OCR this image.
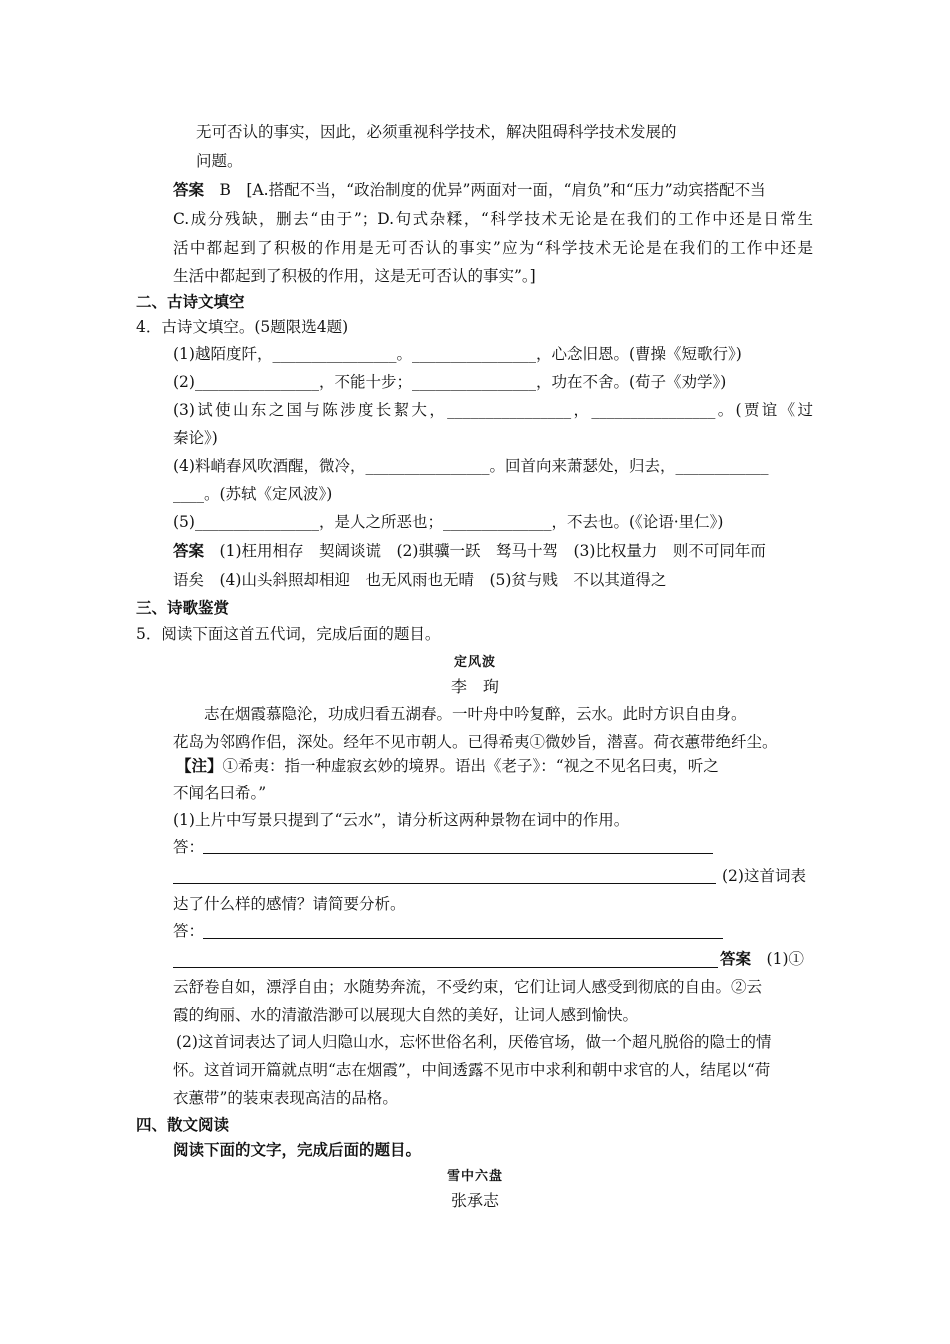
无可否认的事实，因此，必须重视科学技术，解决阻碍科学技术发展的
问题。
答案　 B　[A.搭配不当，“政治制度的优异”两面对一面，“肩负”和“压力”动宾搭配不当
C.成分残缺，删去“由于”；D.句式杂糅，“科学技术无论是在我们的工作中还是日常生
活中都起到了积极的作用是无可否认的事实”应为“科学技术无论是在我们的工作中还是
生活中都起到了积极的作用，这是无可否认的事实”。]
二、古诗文填空
4．古诗文填空。(5题限选4题)
(1)越陌度阡，________________。________________，心念旧恩。(曹操《短歌行》)
(2)________________，不能十步；________________，功在不舍。(荀子《劝学》)
(3)试使山东之国与陈涉度长絜大，________________，________________。(贾谊《过
秦论》)
(4)料峭春风吹酒醒，微冷，________________。回首向来萧瑟处，归去，____________
____。(苏轼《定风波》)
(5)________________，是人之所恶也；______________，不去也。(《论语·里仁》)
答案　 (1)枉用相存　契阔谈谎　(2)骐骥一跃　驽马十驾　(3)比权量力　则不可同年而
语矣　(4)山头斜照却相迎　也无风雨也无晴　(5)贫与贱　不以其道得之
三、诗歌鉴赏
5．阅读下面这首五代词，完成后面的题目。
定风波
李　珣
志在烟霞慕隐沦，功成归看五湖春。一叶舟中吟复醉，云水。此时方识自由身。
花岛为邻鸥作侣，深处。经年不见市朝人。已得希夷①微妙旨，潜喜。荷衣蕙带绝纤尘。
【注】①希夷：指一种虚寂玄妙的境界。语出《老子》：“视之不见名曰夷，听之
不闻名曰希。”
(1)上片中写景只提到了“云水”，请分析这两种景物在词中的作用。
答：
(2)这首词表
达了什么样的感情？请简要分析。
答：
答案　 (1)①
云舒卷自如，漂浮自由；水随势奔流，不受约束，它们让词人感受到彻底的自由。②云
霞的绚丽、水的清澈浩渺可以展现大自然的美好，让词人感到愉快。
(2)这首词表达了词人归隐山水，忘怀世俗名利，厌倦官场，做一个超凡脱俗的隐士的情
怀。这首词开篇就点明“志在烟霞”，中间透露不见市中求利和朝中求官的人，结尾以“荷
衣蕙带”的装束表现高洁的品格。
四、散文阅读
阅读下面的文字，完成后面的题目。
雪中六盘
张承志
